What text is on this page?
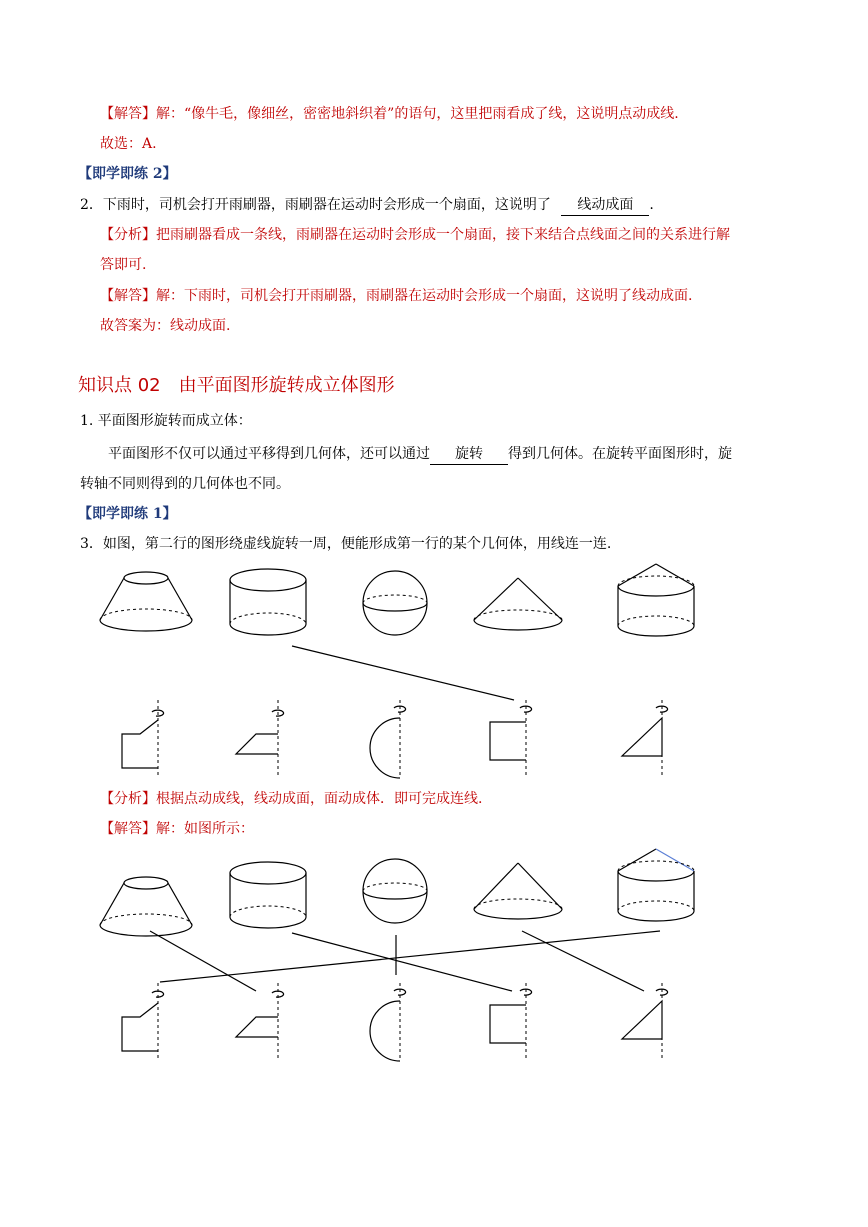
【解答】解：“像牛毛，像细丝，密密地斜织着”的语句，这里把雨看成了线，这说明点动成线.
故选：A.
【即学即练 2】
2．下雨时，司机会打开雨刷器，雨刷器在运动时会形成一个扇面，这说明了 线动成面 .
【分析】把雨刷器看成一条线，雨刷器在运动时会形成一个扇面，接下来结合点线面之间的关系进行解
答即可.
【解答】解：下雨时，司机会打开雨刷器，雨刷器在运动时会形成一个扇面，这说明了线动成面.
故答案为：线动成面.
知识点 02　由平面图形旋转成立体图形
1. 平面图形旋转而成立体：
平面图形不仅可以通过平移得到几何体，还可以通过 旋转 得到几何体。在旋转平面图形时，旋
转轴不同则得到的几何体也不同。
【即学即练 1】
3．如图，第二行的图形绕虚线旋转一周，便能形成第一行的某个几何体，用线连一连.
【分析】根据点动成线，线动成面，面动成体．即可完成连线.
【解答】解：如图所示：
